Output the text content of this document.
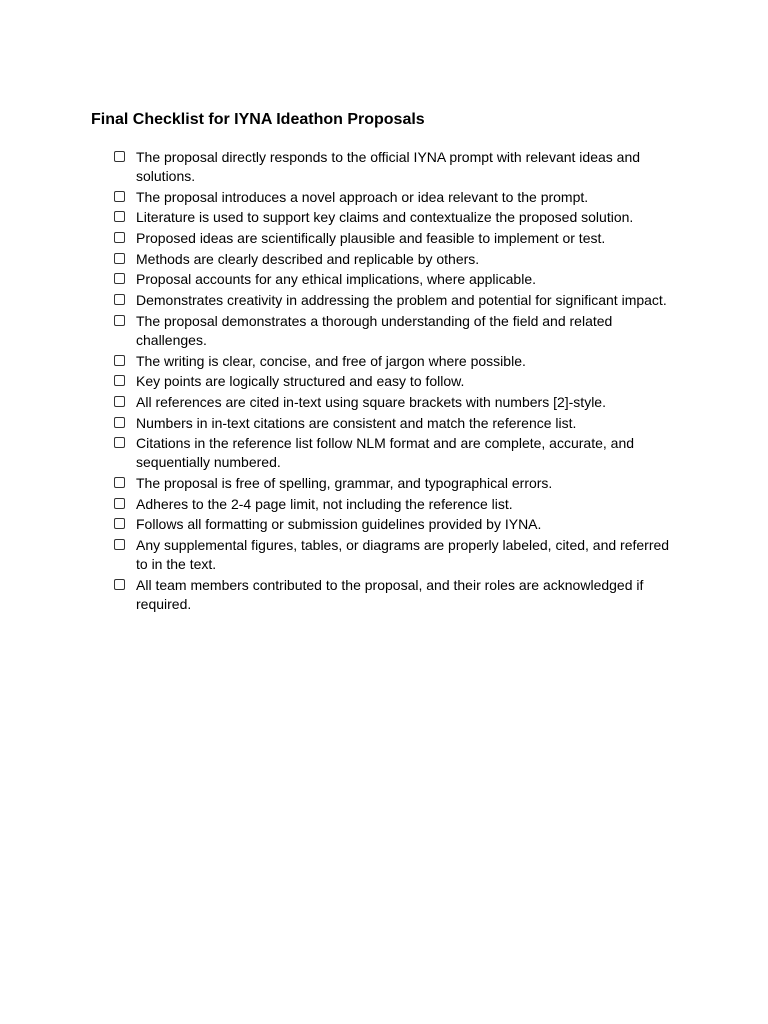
Final Checklist for IYNA Ideathon Proposals
The proposal directly responds to the official IYNA prompt with relevant ideas and solutions.
The proposal introduces a novel approach or idea relevant to the prompt.
Literature is used to support key claims and contextualize the proposed solution.
Proposed ideas are scientifically plausible and feasible to implement or test.
Methods are clearly described and replicable by others.
Proposal accounts for any ethical implications, where applicable.
Demonstrates creativity in addressing the problem and potential for significant impact.
The proposal demonstrates a thorough understanding of the field and related challenges.
The writing is clear, concise, and free of jargon where possible.
Key points are logically structured and easy to follow.
All references are cited in-text using square brackets with numbers [2]-style.
Numbers in in-text citations are consistent and match the reference list.
Citations in the reference list follow NLM format and are complete, accurate, and sequentially numbered.
The proposal is free of spelling, grammar, and typographical errors.
Adheres to the 2-4 page limit, not including the reference list.
Follows all formatting or submission guidelines provided by IYNA.
Any supplemental figures, tables, or diagrams are properly labeled, cited, and referred to in the text.
All team members contributed to the proposal, and their roles are acknowledged if required.
